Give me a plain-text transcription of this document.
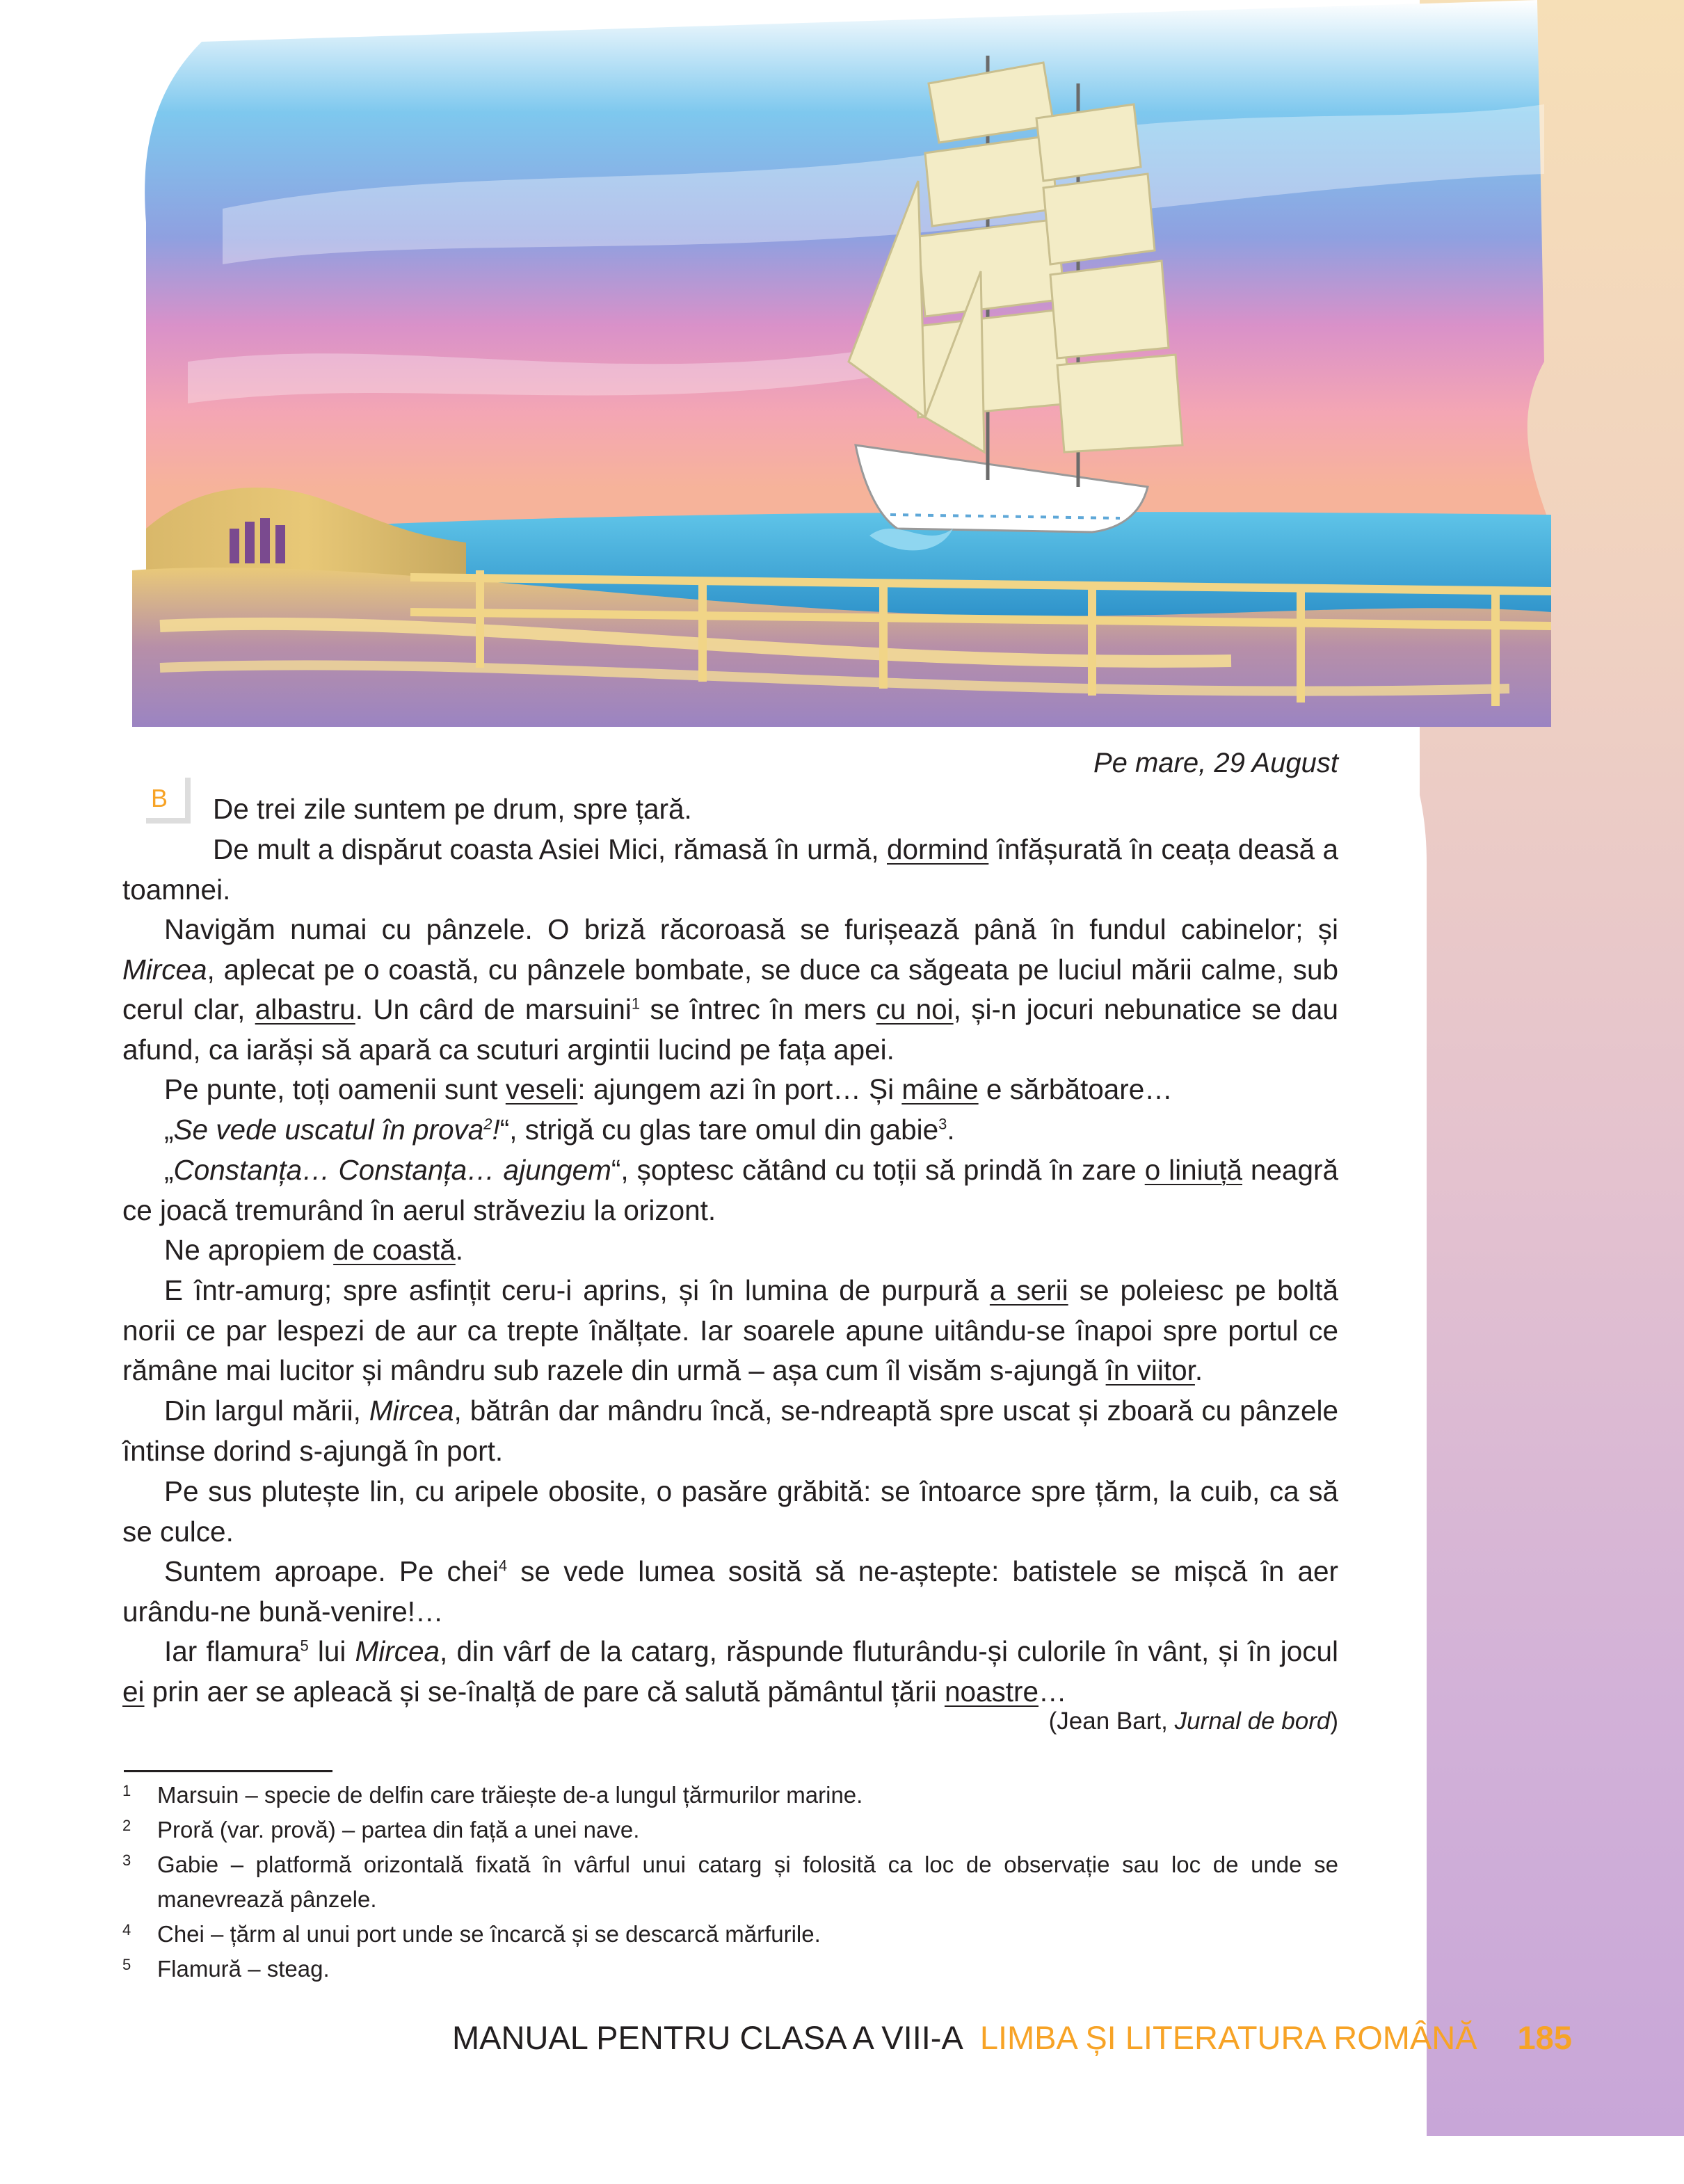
Pe mare, 29 August
B De trei zile suntem pe drum, spre țară.
De mult a dispărut coasta Asiei Mici, rămasă în urmă, dormind înfășurată în ceața deasă a toamnei.
Navigăm numai cu pânzele. O briză răcoroasă se furișează până în fundul cabinelor; și Mircea, aplecat pe o coastă, cu pânzele bombate, se duce ca săgeata pe luciul mării calme, sub cerul clar, albastru. Un cârd de marsuini$^1$ se întrec în mers cu noi, și-n jocuri nebunatice se dau afund, ca iarăși să apară ca scuturi argintii lucind pe fața apei.
Pe punte, toți oamenii sunt veseli: ajungem azi în port… Și mâine e sărbătoare…
„Se vede uscatul în prova$^2$!“, strigă cu glas tare omul din gabie$^3$.
„Constanța… Constanța… ajungem“, șoptesc cătând cu toții să prindă în zare o liniuță neagră ce joacă tremurând în aerul străveziu la orizont.
Ne apropiem de coastă.
E într-amurg; spre asfințit ceru-i aprins, și în lumina de purpură a serii se poleiesc pe boltă norii ce par lespezi de aur ca trepte înălțate. Iar soarele apune uitându-se înapoi spre portul ce rămâne mai lucitor și mândru sub razele din urmă – așa cum îl visăm s-ajungă în viitor.
Din largul mării, Mircea, bătrân dar mândru încă, se-ndreaptă spre uscat și zboară cu pânzele întinse dorind s-ajungă în port.
Pe sus plutește lin, cu aripele obosite, o pasăre grăbită: se întoarce spre țărm, la cuib, ca să se culce.
Suntem aproape. Pe chei$^4$ se vede lumea sosită să ne-aștepte: batistele se mișcă în aer urându-ne bună-venire!…
Iar flamura$^5$ lui Mircea, din vârf de la catarg, răspunde fluturându-și culorile în vânt, și în jocul ei prin aer se apleacă și se-înalță de pare că salută pământul țării noastre…
(Jean Bart, Jurnal de bord)
1 Marsuin – specie de delfin care trăiește de-a lungul țărmurilor marine.
2 Proră (var. provă) – partea din față a unei nave.
3 Gabie – platformă orizontală fixată în vârful unui catarg și folosită ca loc de observație sau loc de unde se manevrează pânzele.
4 Chei – țărm al unui port unde se încarcă și se descarcă mărfurile.
5 Flamură – steag.
MANUAL PENTRU CLASA A VIII-A LIMBA ȘI LITERATURA ROMÂNĂ 185
